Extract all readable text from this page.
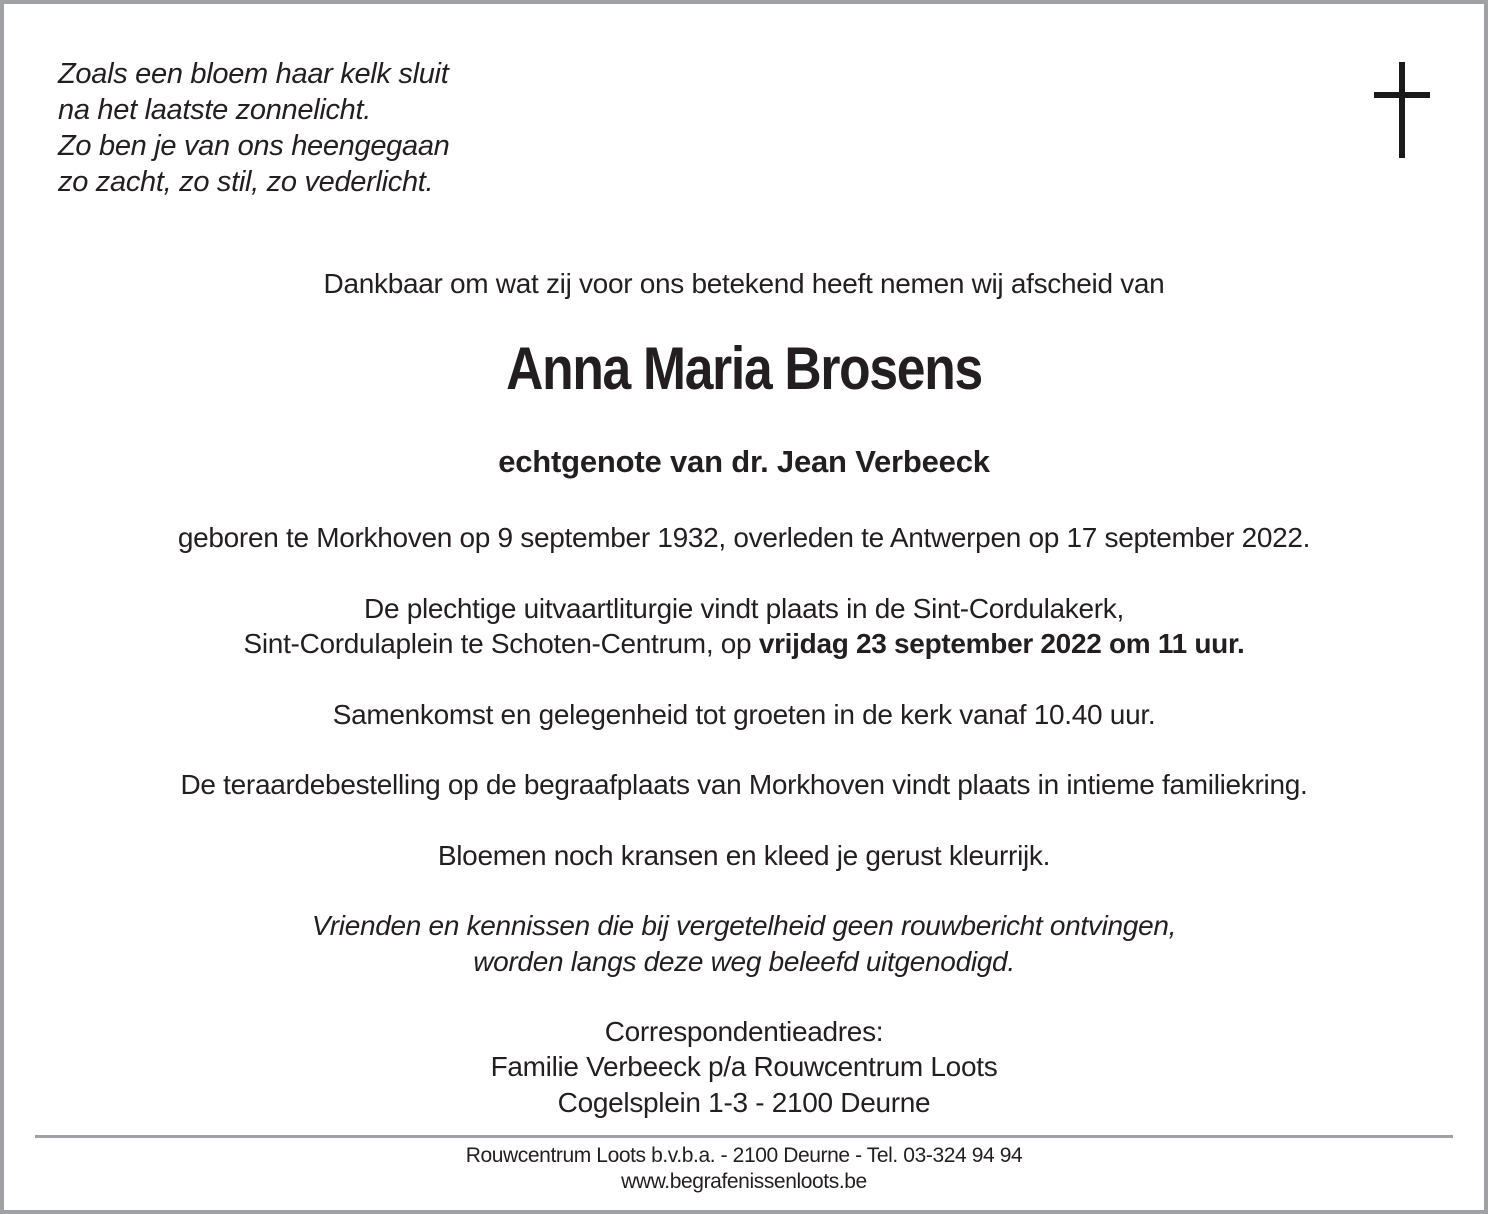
Zoals een bloem haar kelk sluit
na het laatste zonnelicht.
Zo ben je van ons heengegaan
zo zacht, zo stil, zo vederlicht.
Dankbaar om wat zij voor ons betekend heeft nemen wij afscheid van
Anna Maria Brosens
echtgenote van dr. Jean Verbeeck
geboren te Morkhoven op 9 september 1932, overleden te Antwerpen op 17 september 2022.
De plechtige uitvaartliturgie vindt plaats in de Sint-Cordulakerk,
Sint-Cordulaplein te Schoten-Centrum, op vrijdag 23 september 2022 om 11 uur.
Samenkomst en gelegenheid tot groeten in de kerk vanaf 10.40 uur.
De teraardebestelling op de begraafplaats van Morkhoven vindt plaats in intieme familiekring.
Bloemen noch kransen en kleed je gerust kleurrijk.
Vrienden en kennissen die bij vergetelheid geen rouwbericht ontvingen,
worden langs deze weg beleefd uitgenodigd.
Correspondentieadres:
Familie Verbeeck p/a Rouwcentrum Loots
Cogelsplein 1-3 - 2100 Deurne
Rouwcentrum Loots b.v.b.a. - 2100 Deurne - Tel. 03-324 94 94
www.begrafenissenloots.be
